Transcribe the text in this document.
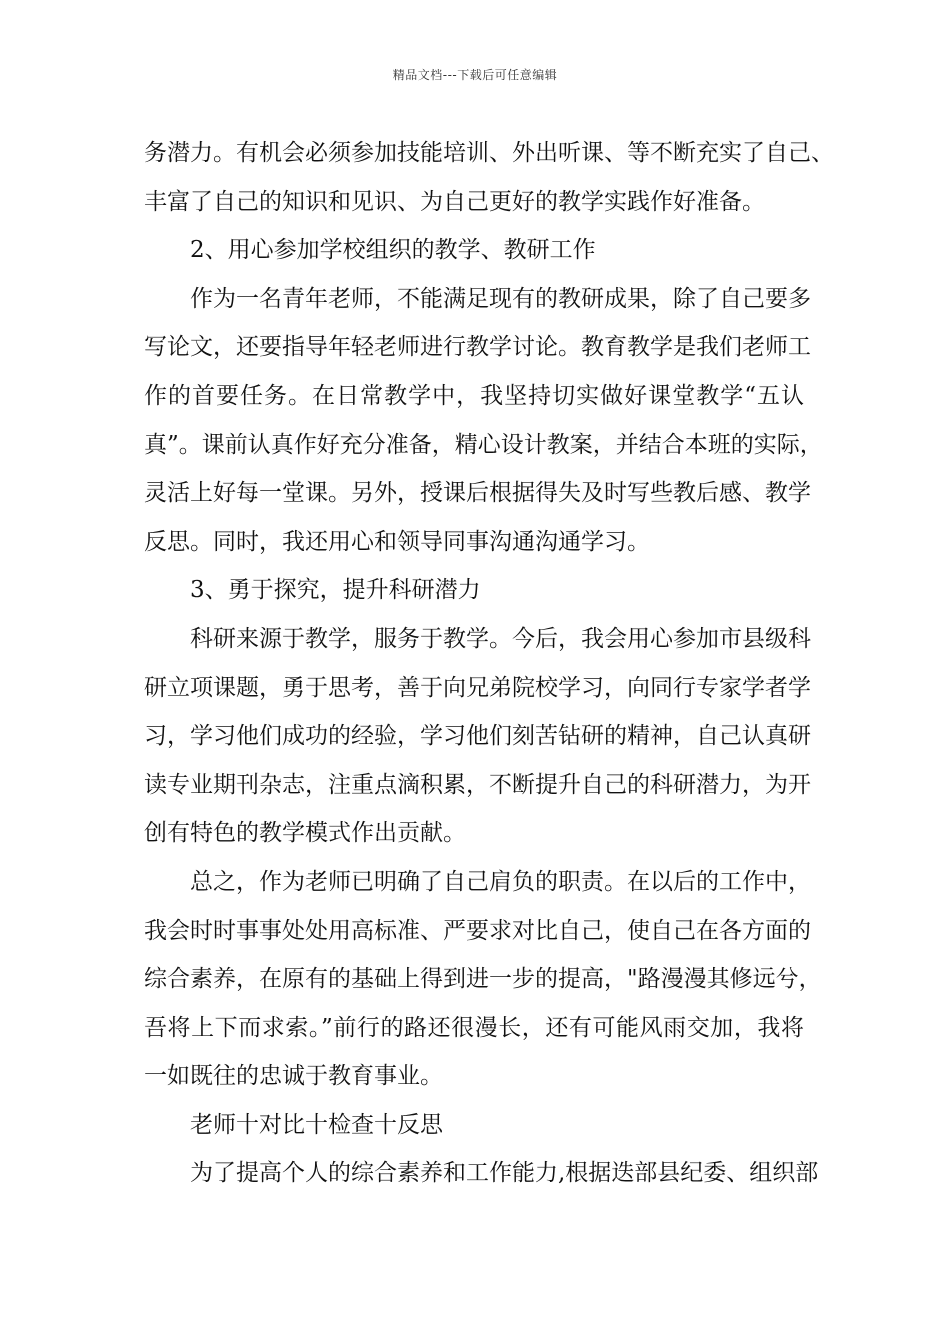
精品文档---下载后可任意编辑
务潜力。有机会必须参加技能培训、外出听课、等不断充实了自己、
丰富了自己的知识和见识、为自己更好的教学实践作好准备。
2、用心参加学校组织的教学、教研工作
作为一名青年老师，不能满足现有的教研成果，除了自己要多
写论文，还要指导年轻老师进行教学讨论。教育教学是我们老师工
作的首要任务。在日常教学中，我坚持切实做好课堂教学“五认
真”。课前认真作好充分准备，精心设计教案，并结合本班的实际，
灵活上好每一堂课。另外，授课后根据得失及时写些教后感、教学
反思。同时，我还用心和领导同事沟通沟通学习。
3、勇于探究，提升科研潜力
科研来源于教学，服务于教学。今后，我会用心参加市县级科
研立项课题，勇于思考，善于向兄弟院校学习，向同行专家学者学
习，学习他们成功的经验，学习他们刻苦钻研的精神，自己认真研
读专业期刊杂志，注重点滴积累，不断提升自己的科研潜力，为开
创有特色的教学模式作出贡献。
总之，作为老师已明确了自己肩负的职责。在以后的工作中，
我会时时事事处处用高标准、严要求对比自己，使自己在各方面的
综合素养，在原有的基础上得到进一步的提高，"路漫漫其修远兮，
吾将上下而求索。”前行的路还很漫长，还有可能风雨交加，我将
一如既往的忠诚于教育事业。
老师十对比十检查十反思
为了提高个人的综合素养和工作能力,根据迭部县纪委、组织部
